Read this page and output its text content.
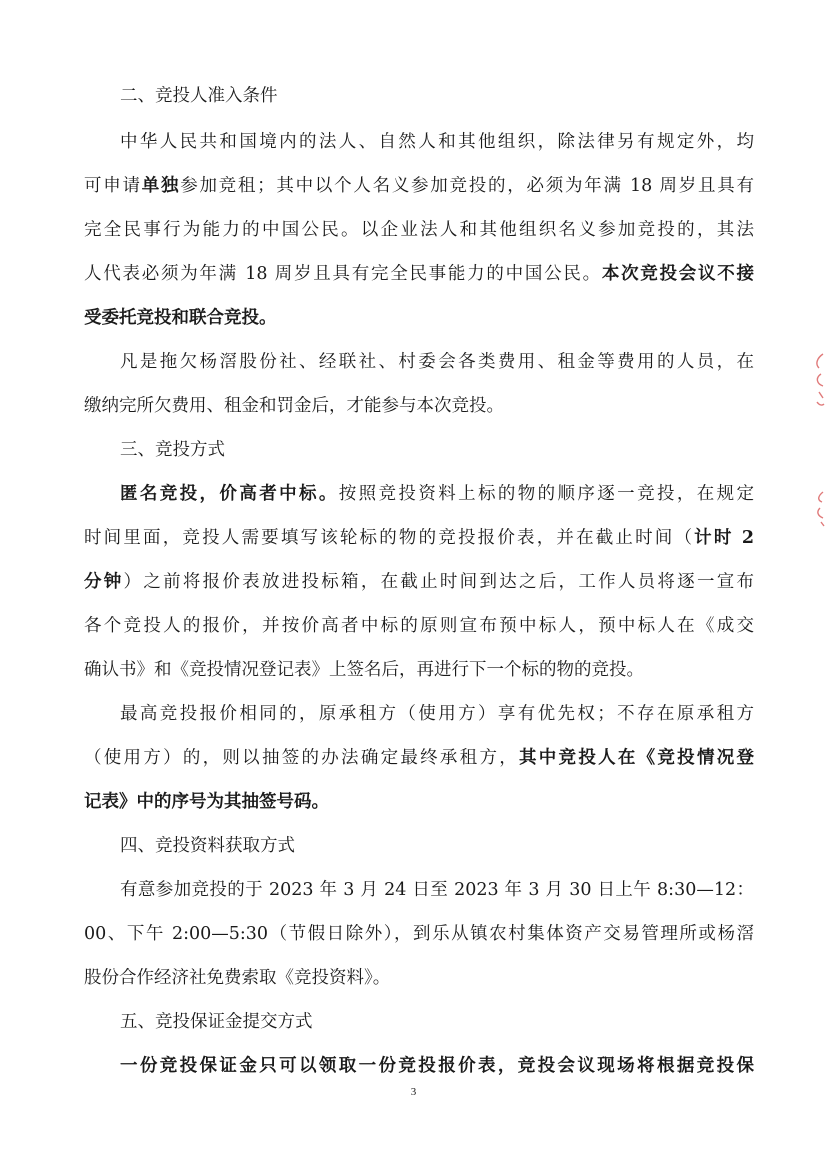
二、竞投人准入条件
中华人民共和国境内的法人、自然人和其他组织，除法律另有规定外，均
可申请单独参加竞租；其中以个人名义参加竞投的，必须为年满 18 周岁且具有
完全民事行为能力的中国公民。以企业法人和其他组织名义参加竞投的，其法
人代表必须为年满 18 周岁且具有完全民事能力的中国公民。本次竞投会议不接
受委托竞投和联合竞投。
凡是拖欠杨滘股份社、经联社、村委会各类费用、租金等费用的人员，在
缴纳完所欠费用、租金和罚金后，才能参与本次竞投。
三、竞投方式
匿名竞投，价高者中标。按照竞投资料上标的物的顺序逐一竞投，在规定
时间里面，竞投人需要填写该轮标的物的竞投报价表，并在截止时间（计时 2
分钟）之前将报价表放进投标箱，在截止时间到达之后，工作人员将逐一宣布
各个竞投人的报价，并按价高者中标的原则宣布预中标人，预中标人在《成交
确认书》和《竞投情况登记表》上签名后，再进行下一个标的物的竞投。
最高竞投报价相同的，原承租方（使用方）享有优先权；不存在原承租方
（使用方）的，则以抽签的办法确定最终承租方，其中竞投人在《竞投情况登
记表》中的序号为其抽签号码。
四、竞投资料获取方式
有意参加竞投的于 2023 年 3 月 24 日至 2023 年 3 月 30 日上午 8:30—12：
00、下午 2:00—5:30（节假日除外），到乐从镇农村集体资产交易管理所或杨滘
股份合作经济社免费索取《竞投资料》。
五、竞投保证金提交方式
一份竞投保证金只可以领取一份竞投报价表，竞投会议现场将根据竞投保
3
